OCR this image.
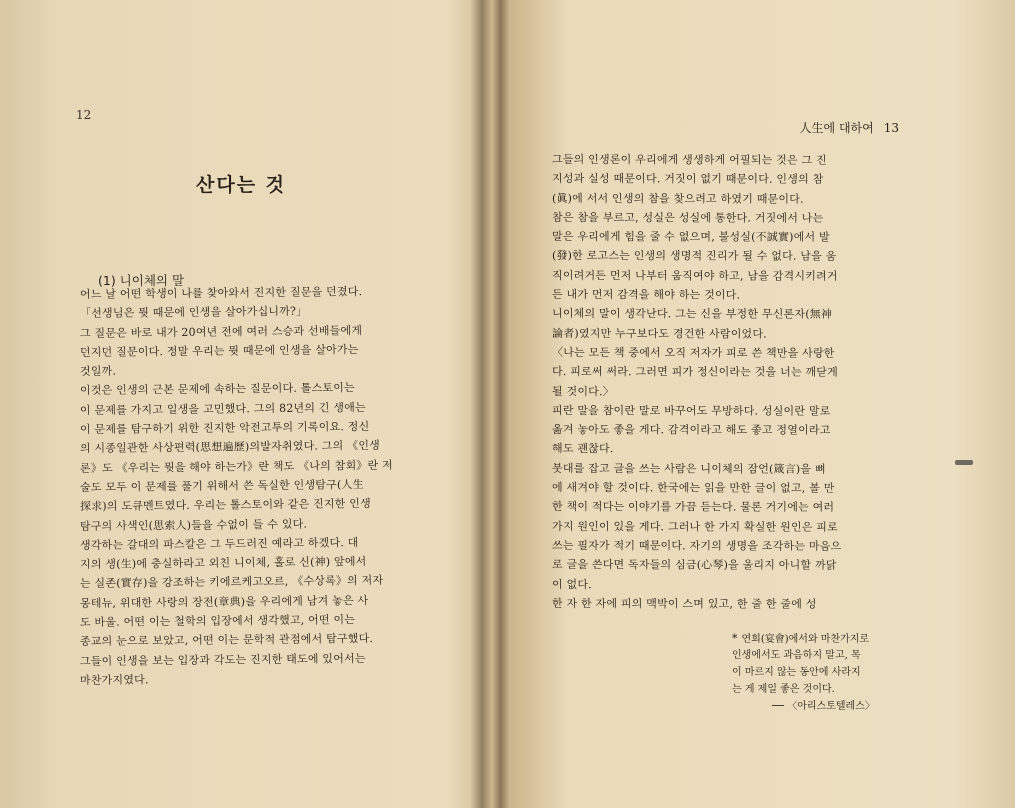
12
산다는 것
(1) 니이체의 말
어느 날 어떤 학생이 나를 찾아와서 진지한 질문을 던졌다.
「선생님은 뭣 때문에 인생을 살아가십니까?」
그 질문은 바로 내가 20여년 전에 여러 스승과 선배들에게
던지던 질문이다. 정말 우리는 뭣 때문에 인생을 살아가는
것일까.
이것은 인생의 근본 문제에 속하는 질문이다. 톨스토이는
이 문제를 가지고 일생을 고민했다. 그의 82년의 긴 생애는
이 문제를 탐구하기 위한 진지한 악전고투의 기록이요. 정신
의 시종일관한 사상편력(思想遍歷)의발자취였다. 그의 《인생
론》도 《우리는 뭣을 해야 하는가》란 책도 《나의 참회》란 저
술도 모두 이 문제를 풀기 위해서 쓴 독실한 인생탐구(人生
探求)의 도큐멘트였다. 우리는 톨스토이와 같은 진지한 인생
탐구의 사색인(思索人)들을 수없이 들 수 있다.
생각하는 갈대의 파스칼은 그 두드러진 예라고 하겠다. 대
지의 생(生)에 충실하라고 외친 니이체, 홀로 신(神) 앞에서
는 실존(實存)을 강조하는 키에르케고오르, 《수상록》의 저자
몽테뉴, 위대한 사랑의 장전(章典)을 우리에게 남겨 놓은 사
도 바울. 어떤 이는 철학의 입장에서 생각했고, 어떤 이는
종교의 눈으로 보았고, 어떤 이는 문학적 관점에서 탐구했다.
그들이 인생을 보는 입장과 각도는 진지한 태도에 있어서는
마찬가지였다.
人生에 대하여 13
그들의 인생론이 우리에게 생생하게 어필되는 것은 그 진
지성과 실성 때문이다. 거짓이 없기 때문이다. 인생의 참
(眞)에 서서 인생의 참을 찾으려고 하였기 때문이다.
참은 참을 부르고, 성실은 성실에 통한다. 거짓에서 나는
말은 우리에게 힘을 줄 수 없으며, 불성실(不誠實)에서 발
(發)한 로고스는 인생의 생명적 진리가 될 수 없다. 남을 움
직이려거든 먼저 나부터 움직여야 하고, 남을 감격시키려거
든 내가 먼저 감격을 해야 하는 것이다.
니이체의 말이 생각난다. 그는 신을 부정한 무신론자(無神
論者)였지만 누구보다도 경건한 사람이었다.
〈나는 모든 책 중에서 오직 저자가 피로 쓴 책만을 사랑한
다. 피로써 써라. 그러면 피가 정신이라는 것을 너는 깨닫게
될 것이다.〉
피란 말을 참이란 말로 바꾸어도 무방하다. 성실이란 말로
옮겨 놓아도 좋을 게다. 감격이라고 해도 좋고 정열이라고
해도 괜찮다.
붓대를 잡고 글을 쓰는 사람은 니이체의 잠언(箴言)을 뼈
에 새겨야 할 것이다. 한국에는 읽을 만한 글이 없고, 볼 만
한 책이 적다는 이야기를 가끔 듣는다. 물론 거기에는 여러
가지 원인이 있을 게다. 그러나 한 가지 확실한 원인은 피로
쓰는 필자가 적기 때문이다. 자기의 생명을 조각하는 마음으
로 글을 쓴다면 독자들의 심금(心琴)을 울리지 아니할 까닭
이 없다.
한 자 한 자에 피의 맥박이 스며 있고, 한 줄 한 줄에 성
* 연회(宴會)에서와 마찬가지로
인생에서도 과음하지 말고, 목
이 마르지 않는 동안에 사라지
는 게 제일 좋은 것이다.
── 〈아리스토텔레스〉
